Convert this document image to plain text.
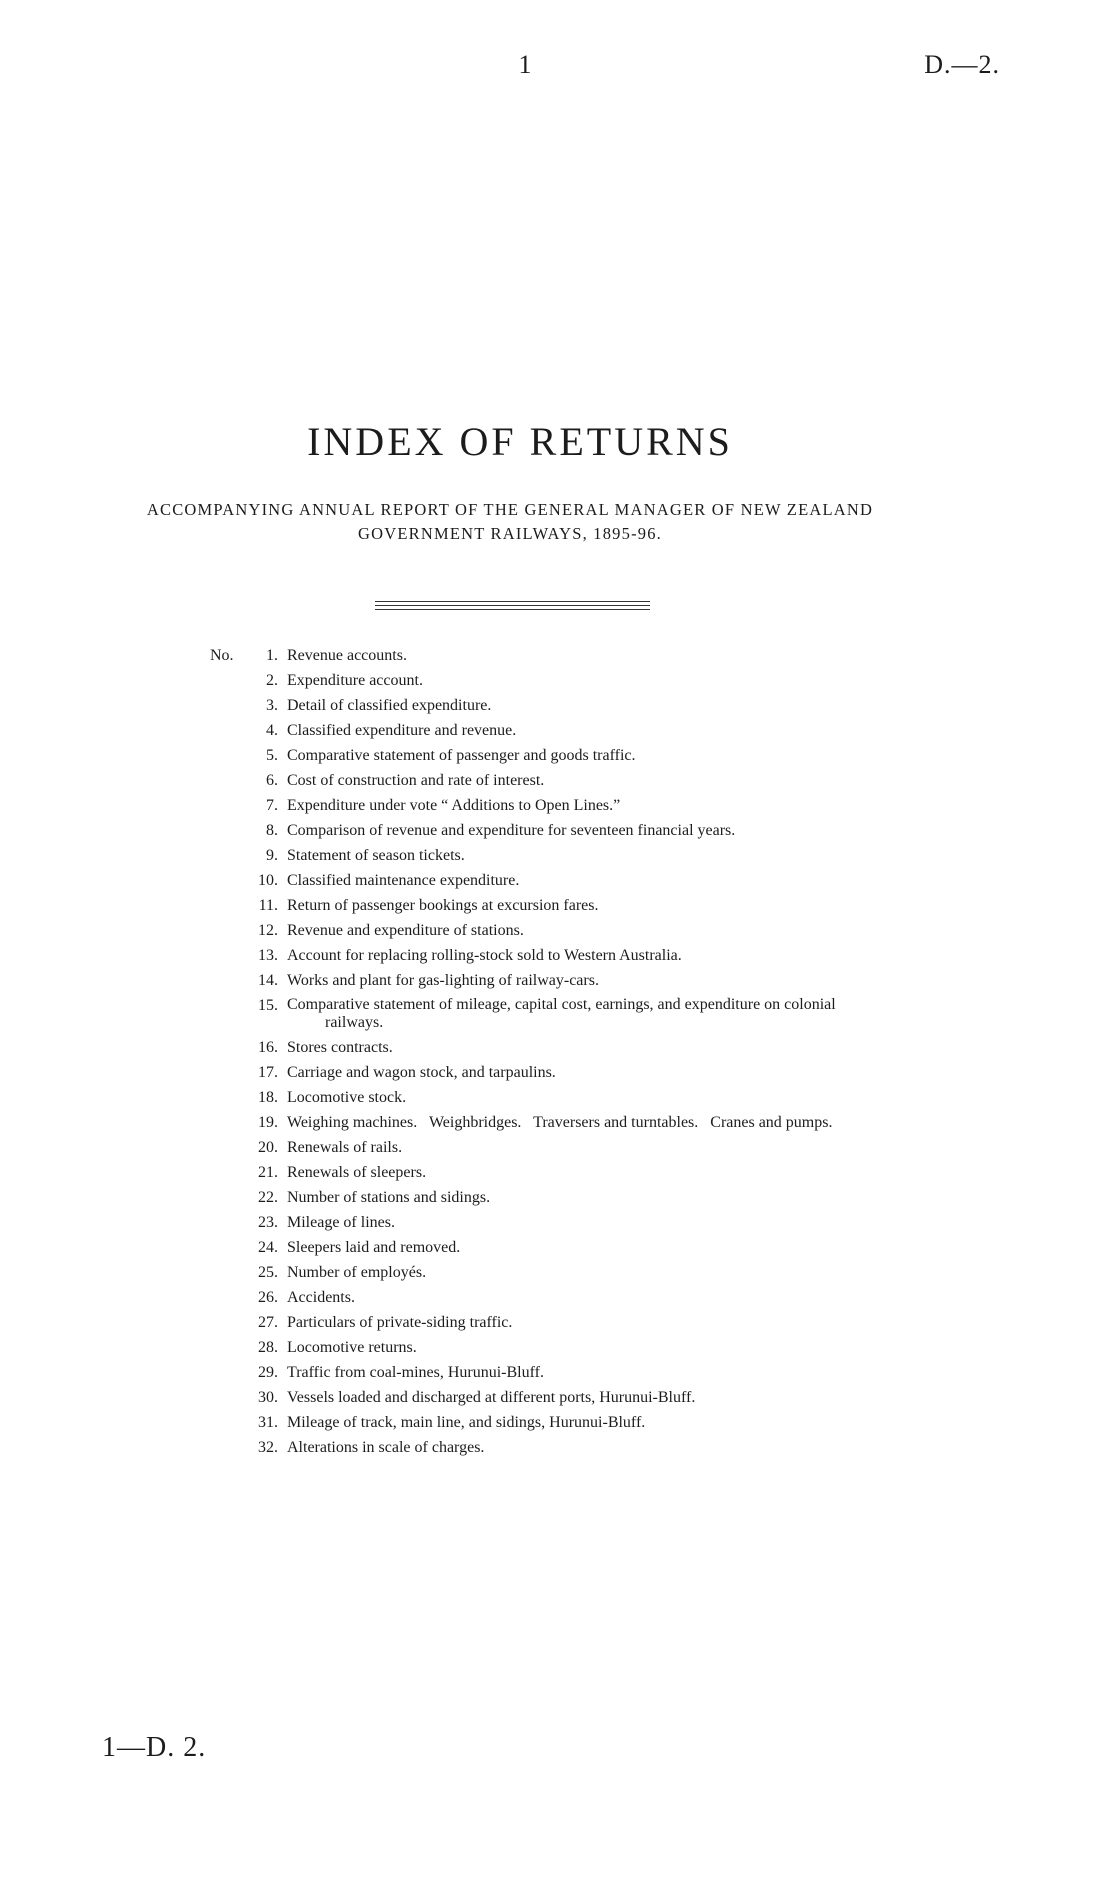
1	D.—2.
INDEX OF RETURNS
ACCOMPANYING ANNUAL REPORT OF THE GENERAL MANAGER OF NEW ZEALAND
GOVERNMENT RAILWAYS, 1895-96.
No.	1. Revenue accounts.
2. Expenditure account.
3. Detail of classified expenditure.
4. Classified expenditure and revenue.
5. Comparative statement of passenger and goods traffic.
6. Cost of construction and rate of interest.
7. Expenditure under vote “ Additions to Open Lines.”
8. Comparison of revenue and expenditure for seventeen financial years.
9. Statement of season tickets.
10. Classified maintenance expenditure.
11. Return of passenger bookings at excursion fares.
12. Revenue and expenditure of stations.
13. Account for replacing rolling-stock sold to Western Australia.
14. Works and plant for gas-lighting of railway-cars.
15. Comparative statement of mileage, capital cost, earnings, and expenditure on colonial
railways.
16. Stores contracts.
17. Carriage and wagon stock, and tarpaulins.
18. Locomotive stock.
19. Weighing machines.   Weighbridges.   Traversers and turntables.   Cranes and pumps.
20. Renewals of rails.
21. Renewals of sleepers.
22. Number of stations and sidings.
23. Mileage of lines.
24. Sleepers laid and removed.
25. Number of employés.
26. Accidents.
27. Particulars of private-siding traffic.
28. Locomotive returns.
29. Traffic from coal-mines, Hurunui-Bluff.
30. Vessels loaded and discharged at different ports, Hurunui-Bluff.
31. Mileage of track, main line, and sidings, Hurunui-Bluff.
32. Alterations in scale of charges.
1—D. 2.
